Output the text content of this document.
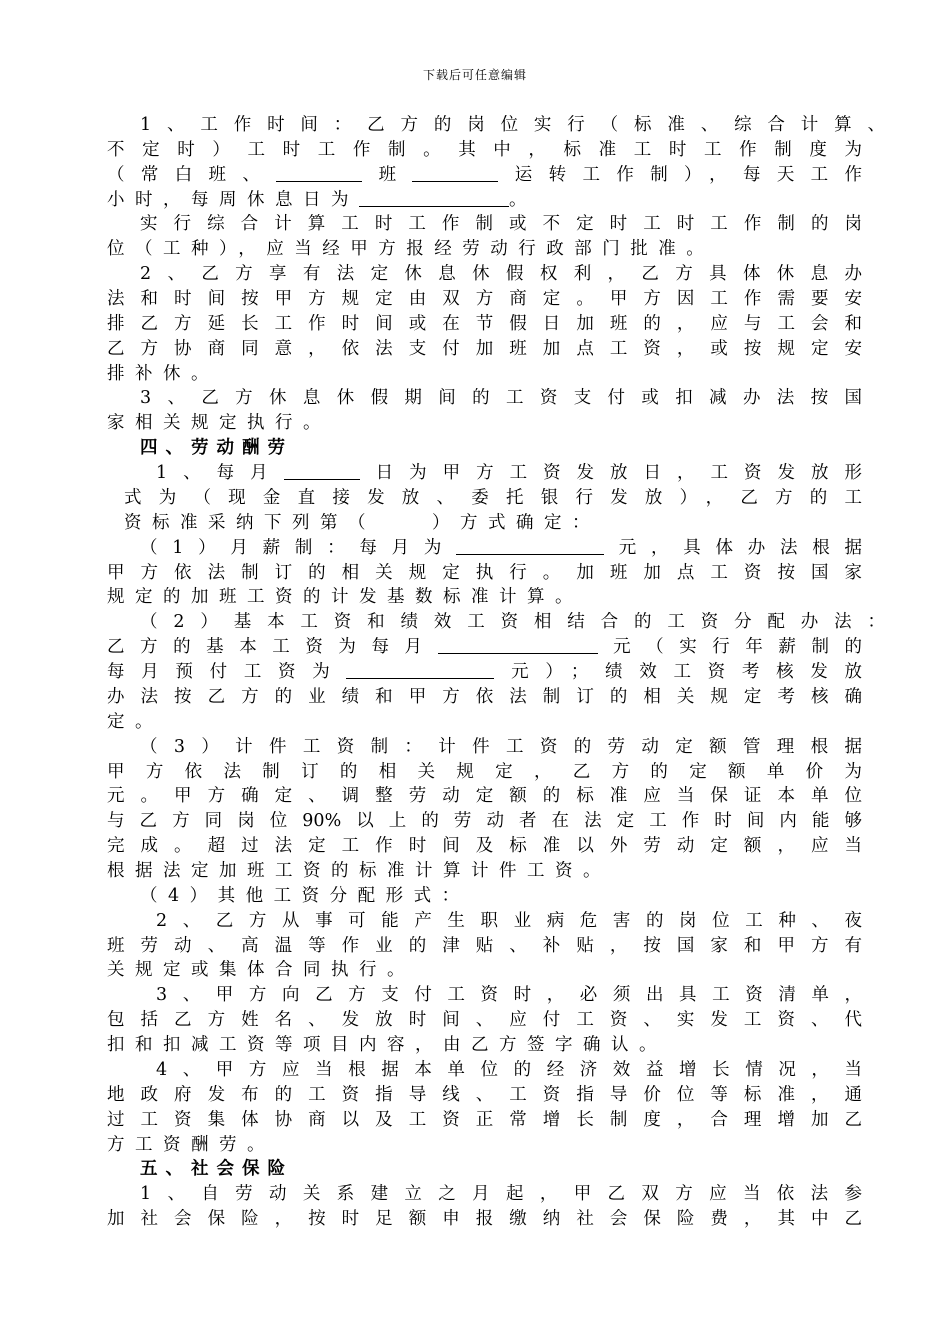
下载后可任意编辑
1、工作时间：乙方的岗位实行（标准、综合计算、
不定时）工时工作制。其中，标准工时工作制度为
（常白班、	班	运转工作制），每天工作
小时，每周休息日为	。
实行综合计算工时工作制或不定时工时工作制的岗
位（工种），应当经甲方报经劳动行政部门批准。
2、乙方享有法定休息休假权利，乙方具体休息办
法和时间按甲方规定由双方商定。甲方因工作需要安
排乙方延长工作时间或在节假日加班的，应与工会和
乙方协商同意，依法支付加班加点工资，或按规定安
排补休。
3、乙方休息休假期间的工资支付或扣减办法按国
家相关规定执行。
四、劳动酬劳
1、每月	日为甲方工资发放日，工资发放形
式为（现金直接发放、委托银行发放），乙方的工
资标准采纳下列第（　　）方式确定：
（1）月薪制：每月为	元，具体办法根据
甲方依法制订的相关规定执行。加班加点工资按国家
规定的加班工资的计发基数标准计算。
（2）基本工资和绩效工资相结合的工资分配办法：
乙方的基本工资为每月	元（实行年薪制的
每月预付工资为	元）；绩效工资考核发放
办法按乙方的业绩和甲方依法制订的相关规定考核确
定。
（3）计件工资制：计件工资的劳动定额管理根据
甲方依法制订的相关规定，乙方的定额单价为
元。甲方确定、调整劳动定额的标准应当保证本单位
与乙方同岗位90%以上的劳动者在法定工作时间内能够
完成。超过法定工作时间及标准以外劳动定额，应当
根据法定加班工资的标准计算计件工资。
（4）其他工资分配形式：
2、乙方从事可能产生职业病危害的岗位工种、夜
班劳动、高温等作业的津贴、补贴，按国家和甲方有
关规定或集体合同执行。
3、甲方向乙方支付工资时，必须出具工资清单，
包括乙方姓名、发放时间、应付工资、实发工资、代
扣和扣减工资等项目内容，由乙方签字确认。
4、甲方应当根据本单位的经济效益增长情况，当
地政府发布的工资指导线、工资指导价位等标准，通
过工资集体协商以及工资正常增长制度，合理增加乙
方工资酬劳。
五、社会保险
1、自劳动关系建立之月起，甲乙双方应当依法参
加社会保险，按时足额申报缴纳社会保险费，其中乙
